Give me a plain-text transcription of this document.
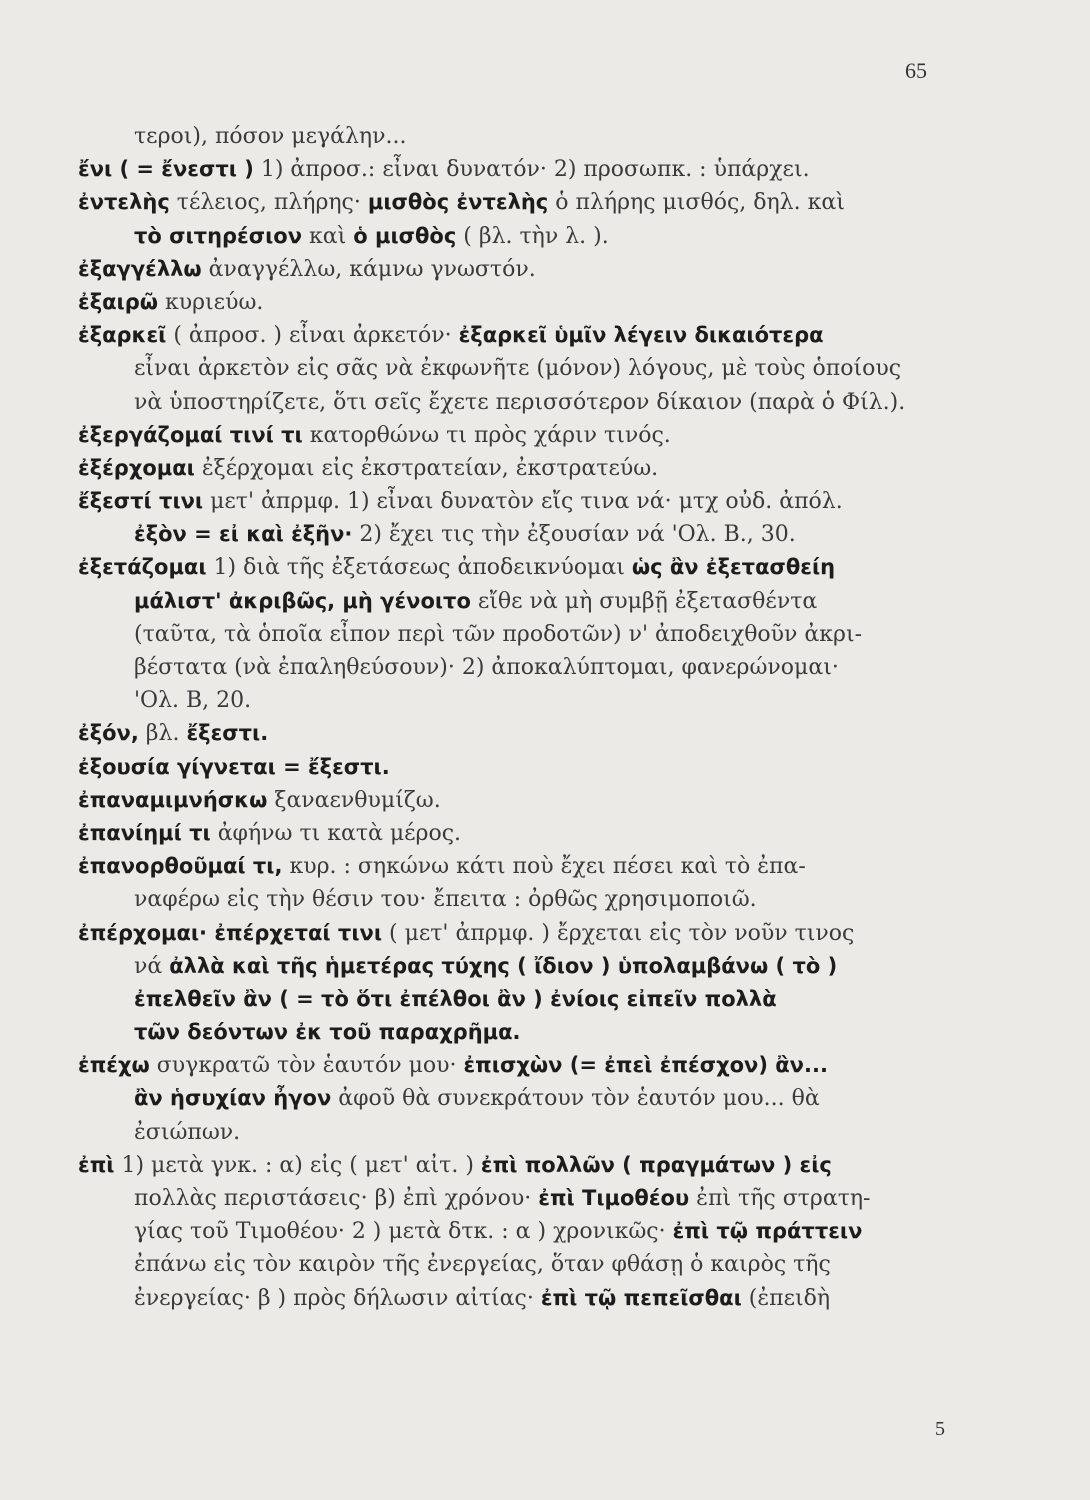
65
τεροι), πόσον μεγάλην...
ἔνι ( = ἔνεστι ) 1) ἀπροσ.: εἶναι δυνατόν· 2) προσωπκ. : ὑπάρχει.
ἐντελὴς τέλειος, πλήρης· μισθὸς ἐντελὴς ὁ πλήρης μισθός, δηλ. καὶ
τὸ σιτηρέσιον καὶ ὁ μισθὸς ( βλ. τὴν λ. ).
ἐξαγγέλλω ἀναγγέλλω, κάμνω γνωστόν.
ἐξαιρῶ κυριεύω.
ἐξαρκεῖ ( ἀπροσ. ) εἶναι ἀρκετόν· ἐξαρκεῖ ὑμῖν λέγειν δικαιότερα
εἶναι ἀρκετὸν εἰς σᾶς νὰ ἐκφωνῆτε (μόνον) λόγους, μὲ τοὺς ὁποίους
νὰ ὑποστηρίζετε, ὅτι σεῖς ἔχετε περισσότερον δίκαιον (παρὰ ὁ Φίλ.).
ἐξεργάζομαί τινί τι κατορθώνω τι πρὸς χάριν τινός.
ἐξέρχομαι ἐξέρχομαι εἰς ἐκστρατείαν, ἐκστρατεύω.
ἔξεστί τινι μετ' ἀπρμφ. 1) εἶναι δυνατὸν εἴς τινα νά· μτχ οὐδ. ἀπόλ.
ἐξὸν = εἰ καὶ ἐξῆν· 2) ἔχει τις τὴν ἐξουσίαν νά 'Ολ. Β., 30.
ἐξετάζομαι 1) διὰ τῆς ἐξετάσεως ἀποδεικνύομαι ὡς ἂν ἐξετασθείη
μάλιστ' ἀκριβῶς, μὴ γένοιτο εἴθε νὰ μὴ συμβῇ ἐξετασθέντα
(ταῦτα, τὰ ὁποῖα εἶπον περὶ τῶν προδοτῶν) ν' ἀποδειχθοῦν ἀκρι-
βέστατα (νὰ ἐπαληθεύσουν)· 2) ἀποκαλύπτομαι, φανερώνομαι·
'Ολ. Β, 20.
ἐξόν, βλ. ἔξεστι.
ἐξουσία γίγνεται = ἔξεστι.
ἐπαναμιμνήσκω ξαναενθυμίζω.
ἐπανίημί τι ἀφήνω τι κατὰ μέρος.
ἐπανορθοῦμαί τι, κυρ. : σηκώνω κάτι ποὺ ἔχει πέσει καὶ τὸ ἐπα-
ναφέρω εἰς τὴν θέσιν του· ἔπειτα : ὀρθῶς χρησιμοποιῶ.
ἐπέρχομαι· ἐπέρχεταί τινι ( μετ' ἀπρμφ. ) ἔρχεται εἰς τὸν νοῦν τινος
νά ἀλλὰ καὶ τῆς ἡμετέρας τύχης ( ἴδιον ) ὑπολαμβάνω ( τὸ )
ἐπελθεῖν ἂν ( = τὸ ὅτι ἐπέλθοι ἂν ) ἐνίοις εἰπεῖν πολλὰ
τῶν δεόντων ἐκ τοῦ παραχρῆμα.
ἐπέχω συγκρατῶ τὸν ἑαυτόν μου· ἐπισχὼν (= ἐπεὶ ἐπέσχον) ἂν...
ἂν ἡσυχίαν ἦγον ἀφοῦ θὰ συνεκράτουν τὸν ἑαυτόν μου... θὰ
ἐσιώπων.
ἐπὶ 1) μετὰ γνκ. : α) εἰς ( μετ' αἰτ. ) ἐπὶ πολλῶν ( πραγμάτων ) εἰς
πολλὰς περιστάσεις· β) ἐπὶ χρόνου· ἐπὶ Τιμοθέου ἐπὶ τῆς στρατη-
γίας τοῦ Τιμοθέου· 2 ) μετὰ δτκ. : α ) χρονικῶς· ἐπὶ τῷ πράττειν
ἐπάνω εἰς τὸν καιρὸν τῆς ἐνεργείας, ὅταν φθάσῃ ὁ καιρὸς τῆς
ἐνεργείας· β ) πρὸς δήλωσιν αἰτίας· ἐπὶ τῷ πεπεῖσθαι (ἐπειδὴ
5
